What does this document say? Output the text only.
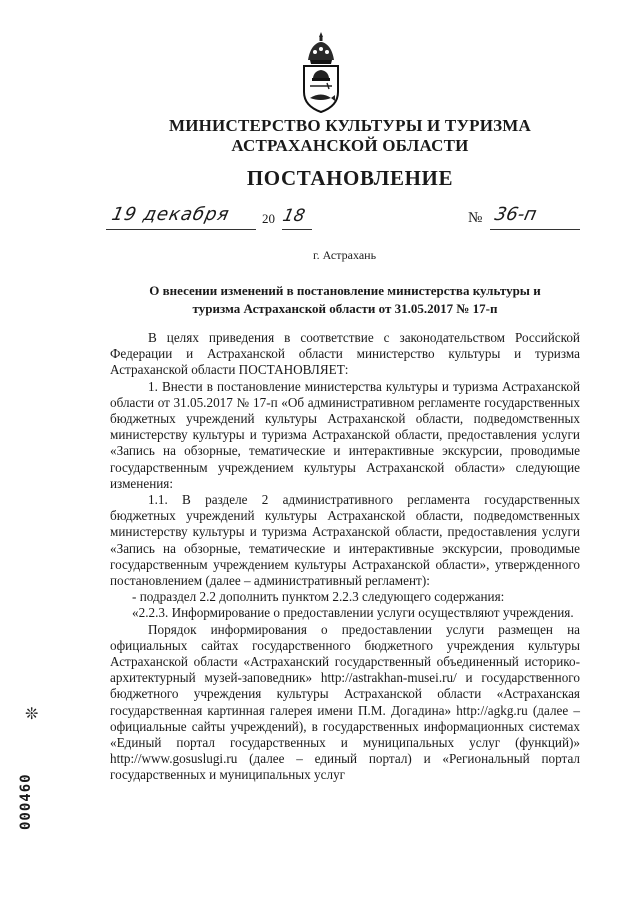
МИНИСТЕРСТВО КУЛЬТУРЫ И ТУРИЗМА
АСТРАХАНСКОЙ ОБЛАСТИ
ПОСТАНОВЛЕНИЕ
19 декабря 20 18	№ 36-п
г. Астрахань
О внесении изменений в постановление министерства культуры и
туризма Астраханской области от 31.05.2017 № 17-п

В целях приведения в соответствие с законодательством Российской Федерации и Астраханской области министерство культуры и туризма Астраханской области ПОСТАНОВЛЯЕТ:

1. Внести в постановление министерства культуры и туризма Астраханской области от 31.05.2017 № 17-п «Об административном регламенте государственных бюджетных учреждений культуры Астраханской области, подведомственных министерству культуры и туризма Астраханской области, предоставления услуги «Запись на обзорные, тематические и интерактивные экскурсии, проводимые государственным учреждением культуры Астраханской области» следующие изменения:

1.1. В разделе 2 административного регламента государственных бюджетных учреждений культуры Астраханской области, подведомственных министерству культуры и туризма Астраханской области, предоставления услуги «Запись на обзорные, тематические и интерактивные экскурсии, проводимые государственным учреждением культуры Астраханской области», утвержденного постановлением (далее – административный регламент):

- подраздел 2.2 дополнить пунктом 2.2.3 следующего содержания:

«2.2.3. Информирование о предоставлении услуги осуществляют учреждения.

Порядок информирования о предоставлении услуги размещен на официальных сайтах государственного бюджетного учреждения культуры Астраханской области «Астраханский государственный объединенный историко-архитектурный музей-заповедник» http://astrakhan-musei.ru/ и государственного бюджетного учреждения культуры Астраханской области «Астраханская государственная картинная галерея имени П.М. Догадина» http://agkg.ru (далее – официальные сайты учреждений), в государственных информационных системах «Единый портал государственных и муниципальных услуг (функций)» http://www.gosuslugi.ru (далее – единый портал) и «Региональный портал государственных и муниципальных услуг

❊
000460
